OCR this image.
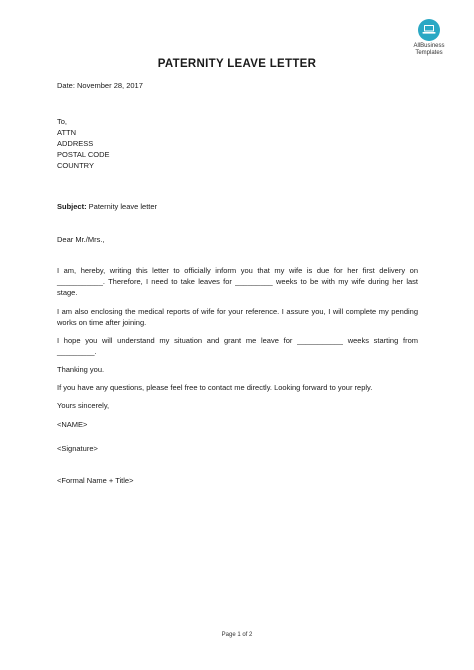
AllBusiness
Templates
PATERNITY LEAVE LETTER
Date: November 28, 2017
To,
ATTN
ADDRESS
POSTAL CODE
COUNTRY
Subject: Paternity leave letter
Dear Mr./Mrs.,
I am, hereby, writing this letter to officially inform you that my wife is due for her first delivery on ___________. Therefore, I need to take leaves for _________ weeks to be with my wife during her last stage.
I am also enclosing the medical reports of wife for your reference. I assure you, I will complete my pending works on time after joining.
I hope you will understand my situation and grant me leave for ___________ weeks starting from _________.
Thanking you.
If you have any questions, please feel free to contact me directly. Looking forward to your reply.
Yours sincerely,
<NAME>
<Signature>
<Formal Name + Title>
Page 1 of 2
